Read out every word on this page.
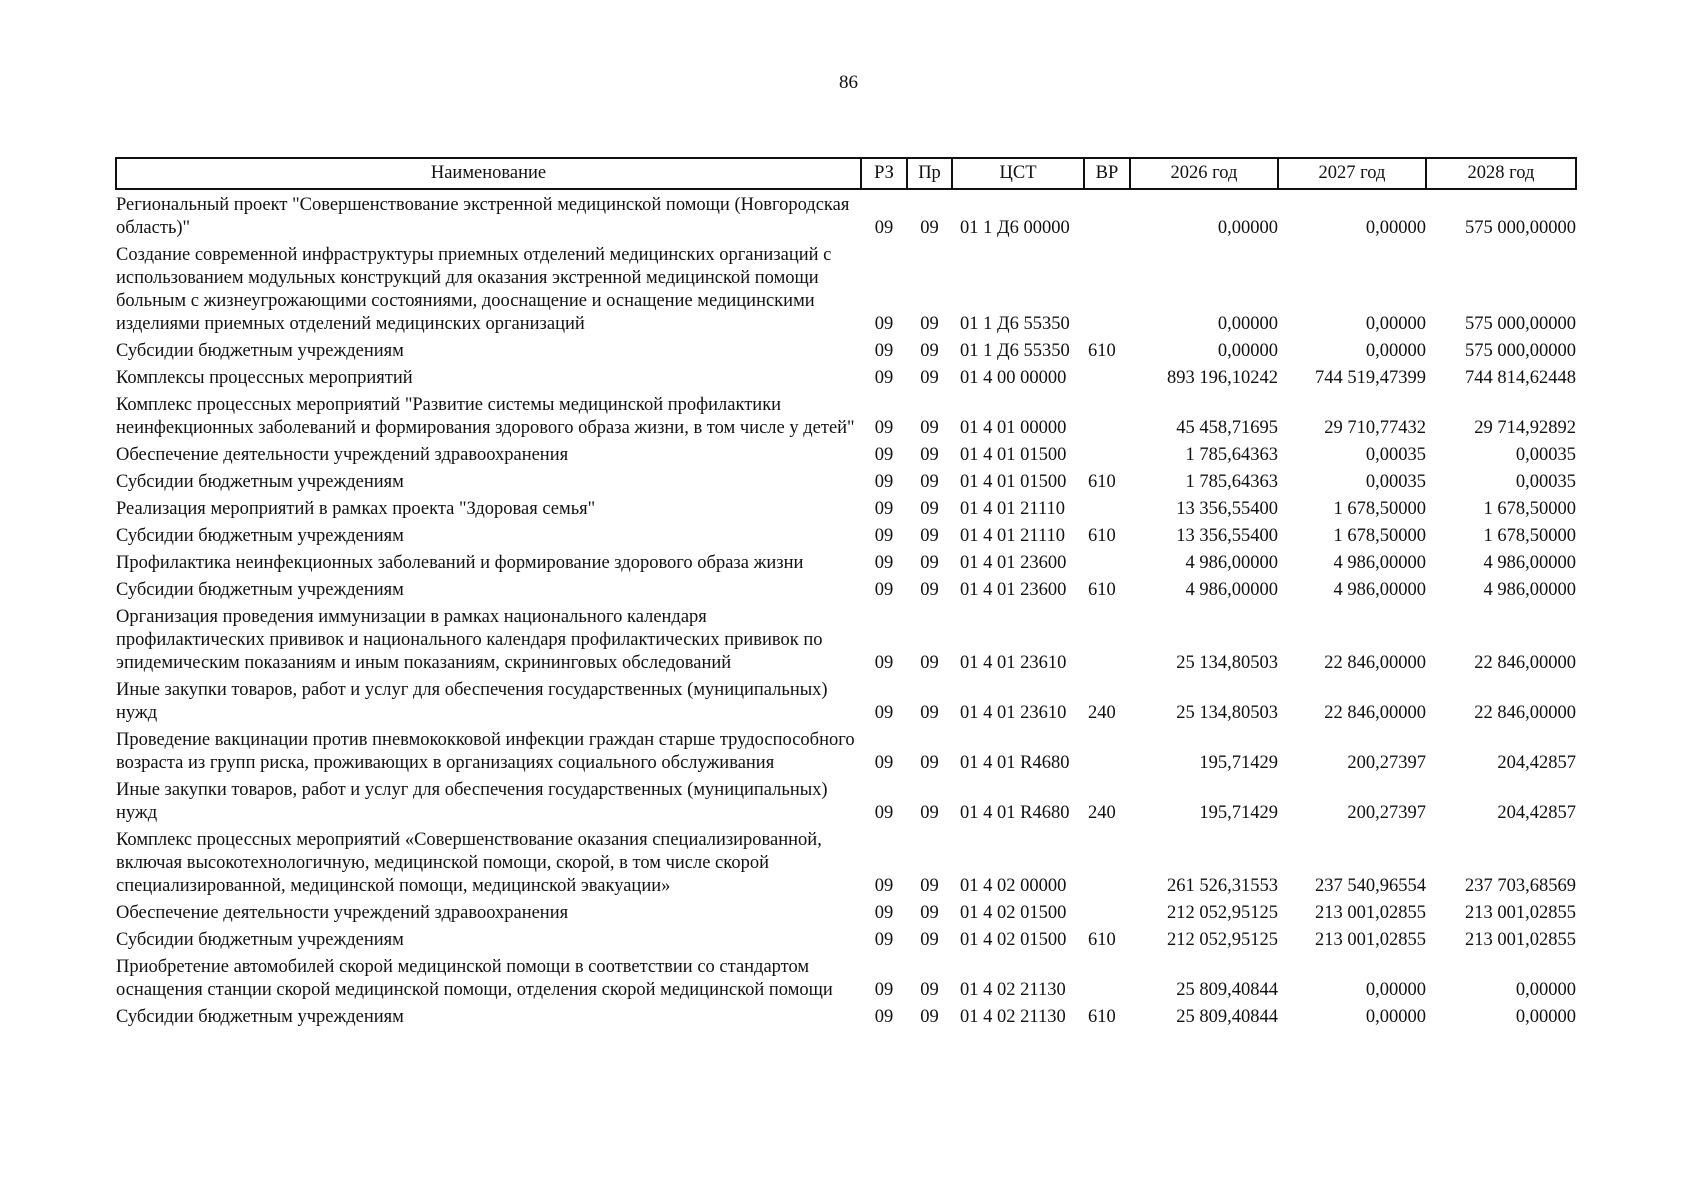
86
Наименование	РЗ	Пр	ЦСТ	ВР	2026 год	2027 год	2028 год
Региональный проект "Совершенствование экстренной медицинской помощи (Новгородская область)"	09	09	01 1 Д6 00000		0,00000	0,00000	575 000,00000
Создание современной инфраструктуры приемных отделений медицинских организаций с использованием модульных конструкций для оказания экстренной медицинской помощи больным с жизнеугрожающими состояниями, дооснащение и оснащение медицинскими изделиями приемных отделений медицинских организаций	09	09	01 1 Д6 55350		0,00000	0,00000	575 000,00000
Субсидии бюджетным учреждениям	09	09	01 1 Д6 55350	610	0,00000	0,00000	575 000,00000
Комплексы процессных мероприятий	09	09	01 4 00 00000		893 196,10242	744 519,47399	744 814,62448
Комплекс процессных мероприятий "Развитие системы медицинской профилактики неинфекционных заболеваний и формирования здорового образа жизни, в том числе у детей"	09	09	01 4 01 00000		45 458,71695	29 710,77432	29 714,92892
Обеспечение деятельности учреждений здравоохранения	09	09	01 4 01 01500		1 785,64363	0,00035	0,00035
Субсидии бюджетным учреждениям	09	09	01 4 01 01500	610	1 785,64363	0,00035	0,00035
Реализация мероприятий в рамках проекта "Здоровая семья"	09	09	01 4 01 21110		13 356,55400	1 678,50000	1 678,50000
Субсидии бюджетным учреждениям	09	09	01 4 01 21110	610	13 356,55400	1 678,50000	1 678,50000
Профилактика неинфекционных заболеваний и формирование здорового образа жизни	09	09	01 4 01 23600		4 986,00000	4 986,00000	4 986,00000
Субсидии бюджетным учреждениям	09	09	01 4 01 23600	610	4 986,00000	4 986,00000	4 986,00000
Организация проведения иммунизации в рамках национального календаря профилактических прививок и национального календаря профилактических прививок по эпидемическим показаниям и иным показаниям, скрининговых обследований	09	09	01 4 01 23610		25 134,80503	22 846,00000	22 846,00000
Иные закупки товаров, работ и услуг для обеспечения государственных (муниципальных) нужд	09	09	01 4 01 23610	240	25 134,80503	22 846,00000	22 846,00000
Проведение вакцинации против пневмококковой инфекции граждан старше трудоспособного возраста из групп риска, проживающих в организациях социального обслуживания	09	09	01 4 01 R4680		195,71429	200,27397	204,42857
Иные закупки товаров, работ и услуг для обеспечения государственных (муниципальных) нужд	09	09	01 4 01 R4680	240	195,71429	200,27397	204,42857
Комплекс процессных мероприятий «Совершенствование оказания специализированной, включая высокотехнологичную, медицинской помощи, скорой, в том числе скорой специализированной, медицинской помощи, медицинской эвакуации»	09	09	01 4 02 00000		261 526,31553	237 540,96554	237 703,68569
Обеспечение деятельности учреждений здравоохранения	09	09	01 4 02 01500		212 052,95125	213 001,02855	213 001,02855
Субсидии бюджетным учреждениям	09	09	01 4 02 01500	610	212 052,95125	213 001,02855	213 001,02855
Приобретение автомобилей скорой медицинской помощи в соответствии со стандартом оснащения станции скорой медицинской помощи, отделения скорой медицинской помощи	09	09	01 4 02 21130		25 809,40844	0,00000	0,00000
Субсидии бюджетным учреждениям	09	09	01 4 02 21130	610	25 809,40844	0,00000	0,00000
